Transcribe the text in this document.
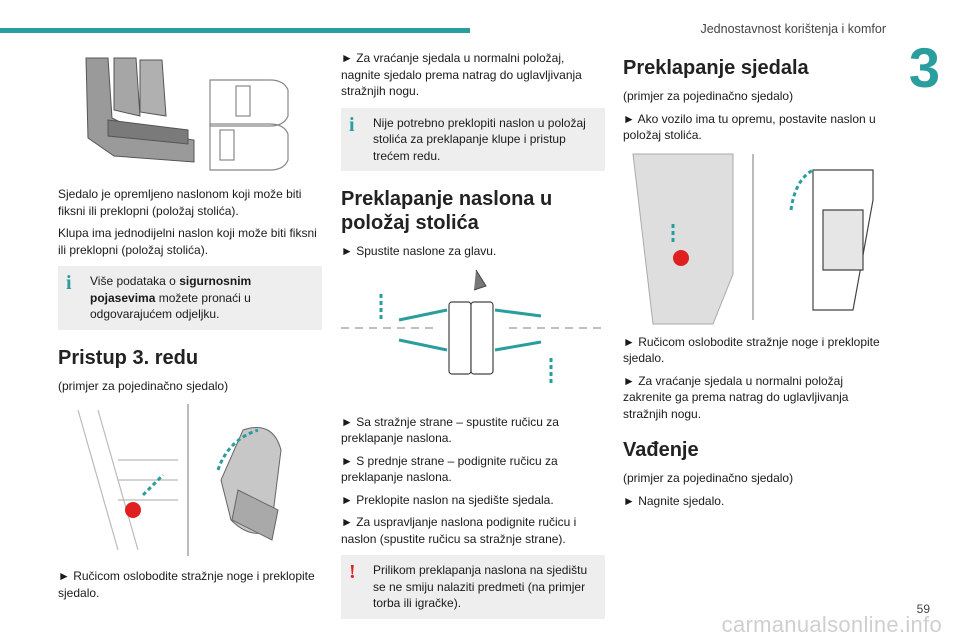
Jednostavnost korištenja i komfor
3

Sjedalo je opremljeno naslonom koji može biti fiksni ili preklopni (položaj stolića).

Klupa ima jednodijelni naslon koji može biti fiksni ili preklopni (položaj stolića).

i	Više podataka o sigurnosnim pojasevima možete pronaći u odgovarajućem odjeljku.
Pristup 3. redu

(primjer za pojedinačno sjedalo)

► Ručicom oslobodite stražnje noge i preklopite sjedalo.

► Za vraćanje sjedala u normalni položaj, nagnite sjedalo prema natrag do uglavljivanja stražnjih nogu.

i	Nije potrebno preklopiti naslon u položaj stolića za preklapanje klupe i pristup trećem redu.
Preklapanje naslona u položaj stolića

► Spustite naslone za glavu.

► Sa stražnje strane – spustite ručicu za preklapanje naslona.

► S prednje strane – podignite ručicu za preklapanje naslona.

► Preklopite naslon na sjedište sjedala.

► Za uspravljanje naslona podignite ručicu i naslon (spustite ručicu sa stražnje strane).

!	Prilikom preklapanja naslona na sjedištu se ne smiju nalaziti predmeti (na primjer torba ili igračke).
Preklapanje sjedala

(primjer za pojedinačno sjedalo)

► Ako vozilo ima tu opremu, postavite naslon u položaj stolića.

► Ručicom oslobodite stražnje noge i preklopite sjedalo.

► Za vraćanje sjedala u normalni položaj zakrenite ga prema natrag do uglavljivanja stražnjih nogu.

Vađenje

(primjer za pojedinačno sjedalo)

► Nagnite sjedalo.

59
carmanualsonline.info
